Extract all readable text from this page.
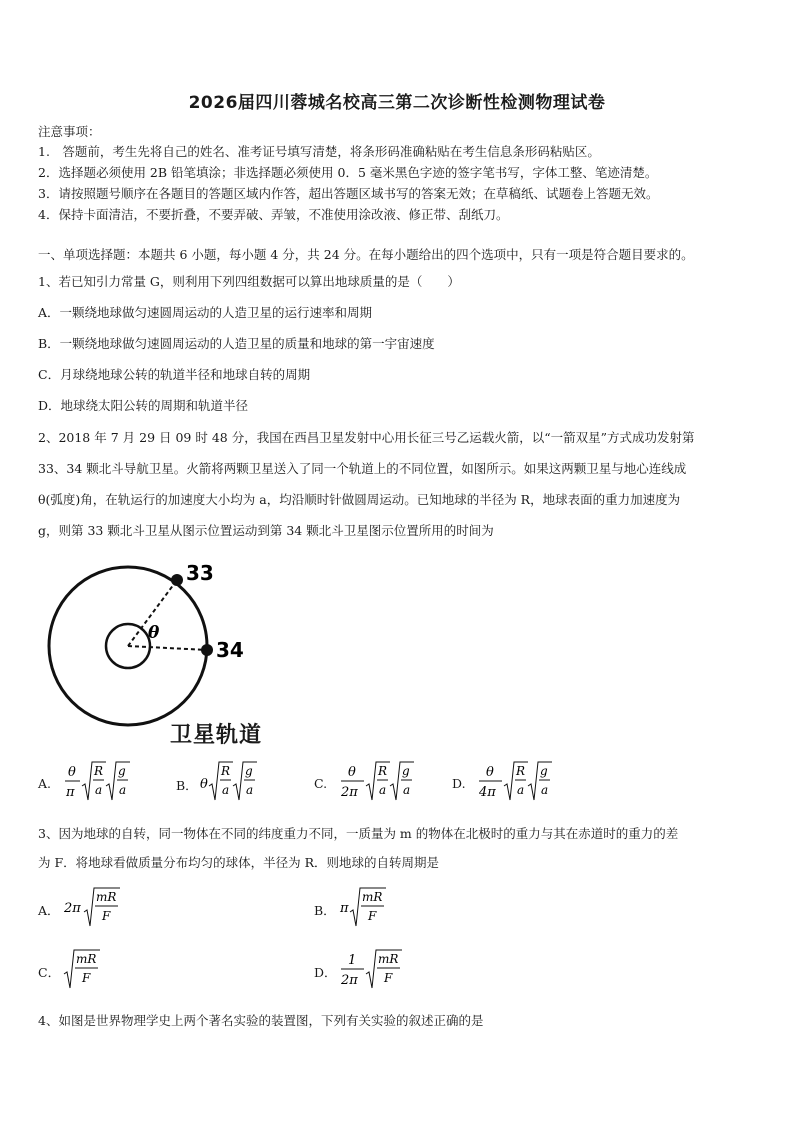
2026届四川蓉城名校高三第二次诊断性检测物理试卷
注意事项：
1.　答题前，考生先将自己的姓名、准考证号填写清楚，将条形码准确粘贴在考生信息条形码粘贴区。
2．选择题必须使用 2B 铅笔填涂；非选择题必须使用 0．5 毫米黑色字迹的签字笔书写，字体工整、笔迹清楚。
3．请按照题号顺序在各题目的答题区域内作答，超出答题区域书写的答案无效；在草稿纸、试题卷上答题无效。
4．保持卡面清洁，不要折叠，不要弄破、弄皱，不准使用涂改液、修正带、刮纸刀。
一、单项选择题：本题共 6 小题，每小题 4 分，共 24 分。在每小题给出的四个选项中，只有一项是符合题目要求的。
1、若已知引力常量 G，则利用下列四组数据可以算出地球质量的是（　　）
A．一颗绕地球做匀速圆周运动的人造卫星的运行速率和周期
B．一颗绕地球做匀速圆周运动的人造卫星的质量和地球的第一宇宙速度
C．月球绕地球公转的轨道半径和地球自转的周期
D．地球绕太阳公转的周期和轨道半径
2、2018 年 7 月 29 日 09 时 48 分，我国在西昌卫星发射中心用长征三号乙运载火箭，以“一箭双星”方式成功发射第
33、34 颗北斗导航卫星。火箭将两颗卫星送入了同一个轨道上的不同位置，如图所示。如果这两颗卫星与地心连线成
θ(弧度)角，在轨运行的加速度大小均为 a，均沿顺时针做圆周运动。已知地球的半径为 R，地球表面的重力加速度为
g，则第 33 颗北斗卫星从图示位置运动到第 34 颗北斗卫星图示位置所用的时间为
33
34
θ
卫星轨道
A.
θ
π
R
a
g
a	B． θ
R
a
g
a	C.
θ
2π
R
a
g
a	D.
θ
4π
R
a
g
a
3、因为地球的自转，同一物体在不同的纬度重力不同，一质量为 m 的物体在北极时的重力与其在赤道时的重力的差
为 F．将地球看做质量分布均匀的球体，半径为 R．则地球的自转周期是
A． 2π
mR
F	B． π
mR
F
C．
mR
F	D．
1
2π
mR
F
4、如图是世界物理学史上两个著名实验的装置图，下列有关实验的叙述正确的是
